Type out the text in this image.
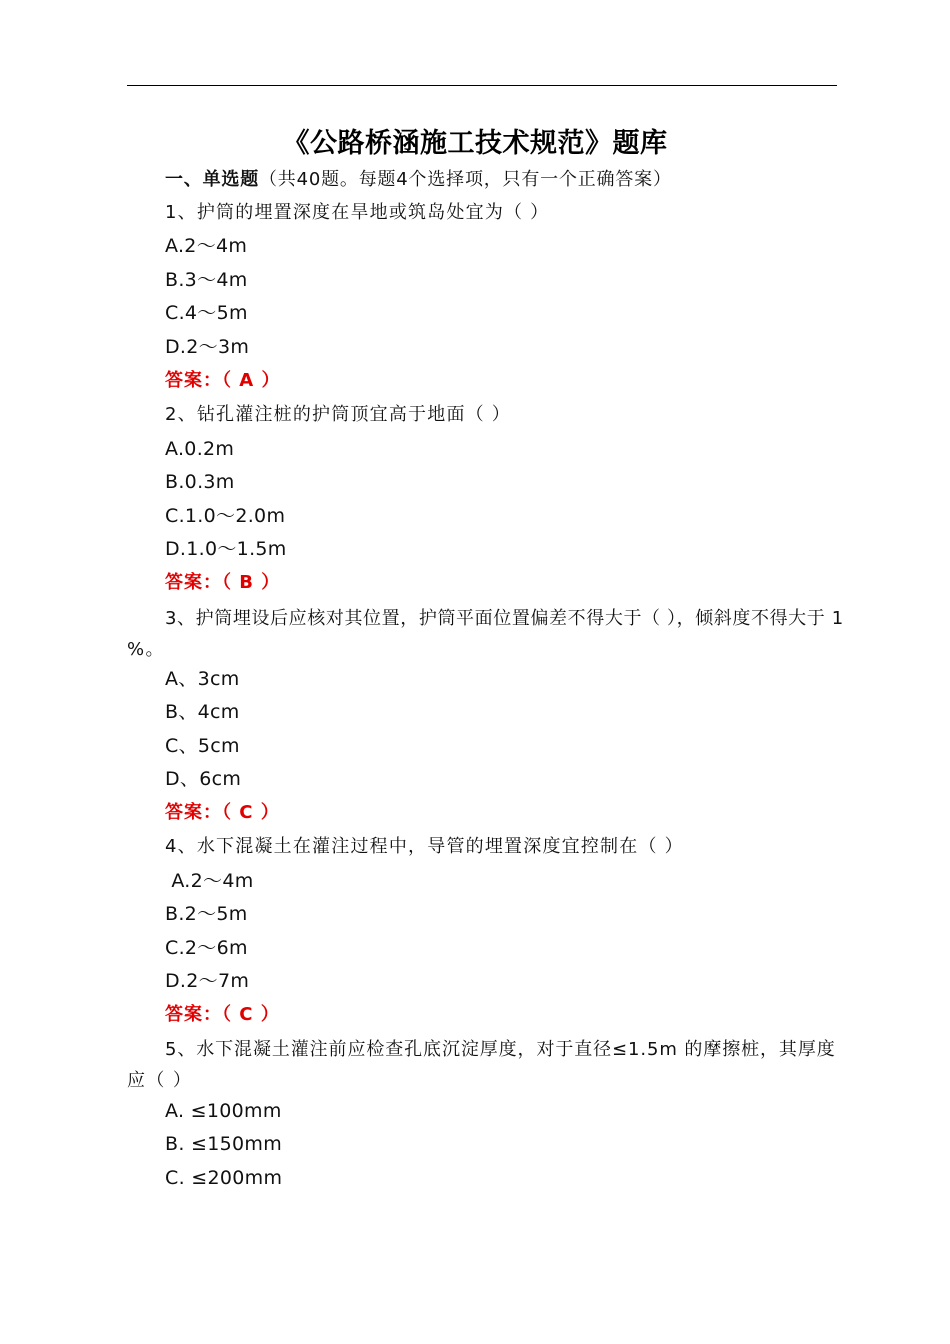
《公路桥涵施工技术规范》题库
一、单选题（共40题。每题4个选择项，只有一个正确答案）
1、护筒的埋置深度在旱地或筑岛处宜为（ ）
A.2～4m
B.3～4m
C.4～5m
D.2～3m
答案：（ A ）
2、钻孔灌注桩的护筒顶宜高于地面（ ）
A.0.2m
B.0.3m
C.1.0～2.0m
D.1.0～1.5m
答案：（ B ）
3、护筒埋设后应核对其位置，护筒平面位置偏差不得大于（ ），倾斜度不得大于 1
%。
A、3cm
B、4cm
C、5cm
D、6cm
答案：（ C ）
4、水下混凝土在灌注过程中，导管的埋置深度宜控制在（ ）
A.2～4m
B.2～5m
C.2～6m
D.2～7m
答案：（ C ）
5、水下混凝土灌注前应检查孔底沉淀厚度，对于直径≤1.5m 的摩擦桩，其厚度
应（ ）
A. ≤100mm
B. ≤150mm
C. ≤200mm
